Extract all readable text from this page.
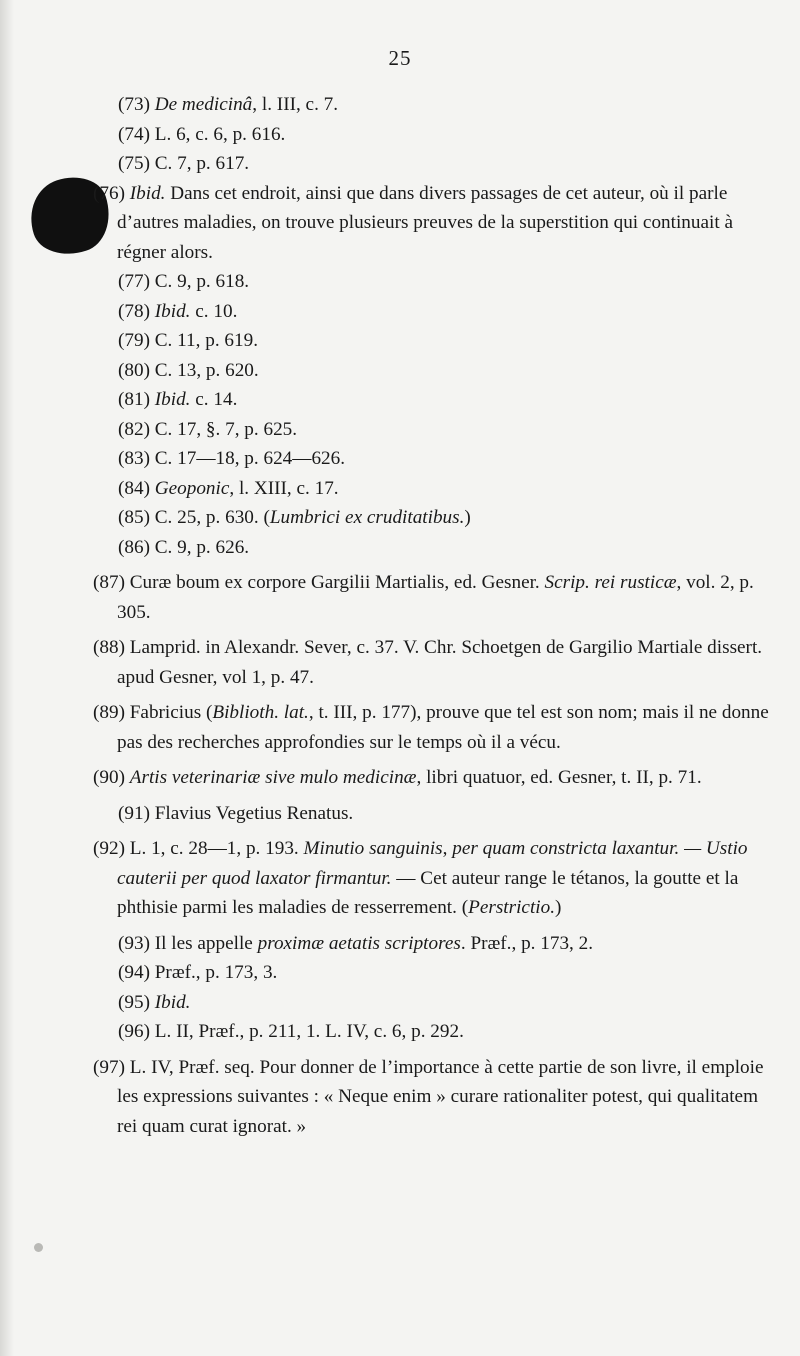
25

(73) De medicinâ, l. III, c. 7.

(74) L. 6, c. 6, p. 616.

(75) C. 7, p. 617.

(76) Ibid. Dans cet endroit, ainsi que dans divers passages de cet auteur, où il parle d’autres maladies, on trouve plusieurs preuves de la superstition qui continuait à régner alors.

(77) C. 9, p. 618.

(78) Ibid. c. 10.

(79) C. 11, p. 619.

(80) C. 13, p. 620.

(81) Ibid. c. 14.

(82) C. 17, §. 7, p. 625.

(83) C. 17—18, p. 624—626.

(84) Geoponic, l. XIII, c. 17.

(85) C. 25, p. 630. (Lumbrici ex cruditatibus.)

(86) C. 9, p. 626.

(87) Curæ boum ex corpore Gargilii Martialis, ed. Gesner. Scrip. rei rusticæ, vol. 2, p. 305.

(88) Lamprid. in Alexandr. Sever, c. 37. V. Chr. Schoetgen de Gargilio Martiale dissert. apud Gesner, vol 1, p. 47.

(89) Fabricius (Biblioth. lat., t. III, p. 177), prouve que tel est son nom; mais il ne donne pas des recherches approfondies sur le temps où il a vécu.

(90) Artis veterinariæ sive mulo medicinæ, libri quatuor, ed. Gesner, t. II, p. 71.

(91) Flavius Vegetius Renatus.

(92) L. 1, c. 28—1, p. 193. Minutio sanguinis, per quam constricta laxantur. — Ustio cauterii per quod laxator firmantur. — Cet auteur range le tétanos, la goutte et la phthisie parmi les maladies de resserrement. (Perstrictio.)

(93) Il les appelle proximæ aetatis scriptores. Præf., p. 173, 2.

(94) Præf., p. 173, 3.

(95) Ibid.

(96) L. II, Præf., p. 211, 1. L. IV, c. 6, p. 292.

(97) L. IV, Præf. seq. Pour donner de l’importance à cette partie de son livre, il emploie les expressions suivantes : « Neque enim » curare rationaliter potest, qui qualitatem rei quam curat ignorat. »
